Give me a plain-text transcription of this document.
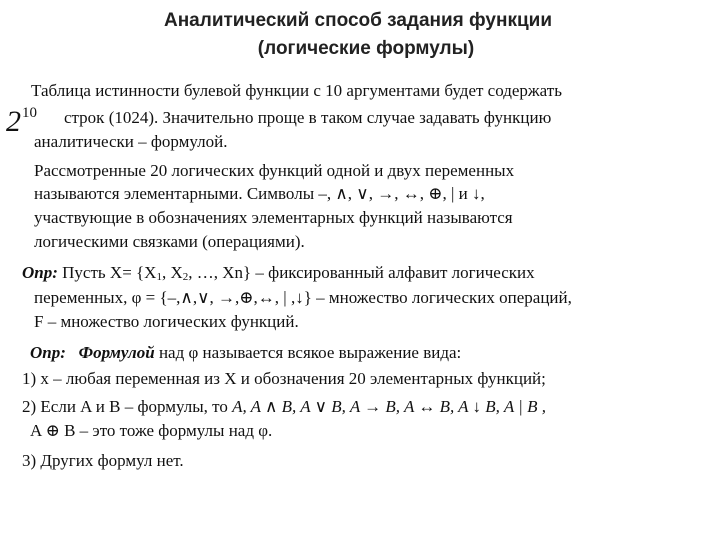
Аналитический способ задания функции
(логические формулы)
Таблица истинности булевой функции с 10 аргументами будет содержать
$2^{10}$ строк (1024). Значительно проще в таком случае задавать функцию
аналитически – формулой.
Рассмотренные 20 логических функций одной и двух переменных
называются элементарными. Символы –, ∧, ∨, →, ↔, ⊕, | и ↓,
участвующие в обозначениях элементарных функций называются
логическими связками (операциями).
Опр: Пусть X= {X1, X2, …, Xn} – фиксированный алфавит логических
переменных, φ = {–,∧,∨, →,⊕,↔, | ,↓} – множество логических операций,
F – множество логических функций.
Опр: Формулой над φ называется всякое выражение вида:
1) x – любая переменная из X и обозначения 20 элементарных функций;
2) Если A и B – формулы, то A, A ∧ B, A ∨ B, A → B, A ↔ B, A ↓ B, A | B ,
A ⊕ B – это тоже формулы над φ.
3) Других формул нет.
